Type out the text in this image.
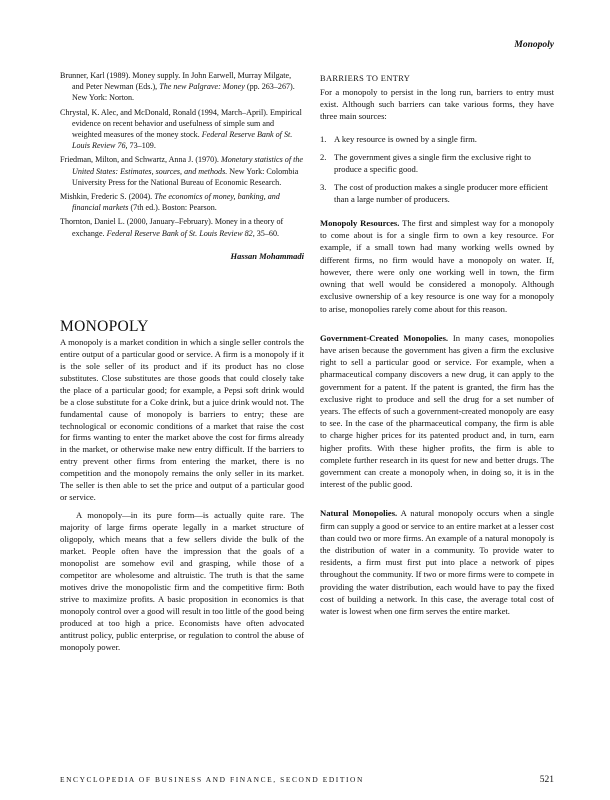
Monopoly
Brunner, Karl (1989). Money supply. In John Earwell, Murray Milgate, and Peter Newman (Eds.), The new Palgrave: Money (pp. 263–267). New York: Norton.
Chrystal, K. Alec, and McDonald, Ronald (1994, March–April). Empirical evidence on recent behavior and usefulness of simple sum and weighted measures of the money stock. Federal Reserve Bank of St. Louis Review 76, 73–109.
Friedman, Milton, and Schwartz, Anna J. (1970). Monetary statistics of the United States: Estimates, sources, and methods. New York: Colombia University Press for the National Bureau of Economic Research.
Mishkin, Frederic S. (2004). The economics of money, banking, and financial markets (7th ed.). Boston: Pearson.
Thornton, Daniel L. (2000, January–February). Money in a theory of exchange. Federal Reserve Bank of St. Louis Review 82, 35–60.
Hassan Mohammadi
MONOPOLY

A monopoly is a market condition in which a single seller controls the entire output of a particular good or service. A firm is a monopoly if it is the sole seller of its product and if its product has no close substitutes. Close substitutes are those goods that could closely take the place of a particular good; for example, a Pepsi soft drink would be a close substitute for a Coke drink, but a juice drink would not. The fundamental cause of monopoly is barriers to entry; these are technological or economic conditions of a market that raise the cost for firms wanting to enter the market above the cost for firms already in the market, or otherwise make new entry difficult. If the barriers to entry prevent other firms from entering the market, there is no competition and the monopoly remains the only seller in its market. The seller is then able to set the price and output of a particular good or service.

A monopoly—in its pure form—is actually quite rare. The majority of large firms operate legally in a market structure of oligopoly, which means that a few sellers divide the bulk of the market. People often have the impression that the goals of a monopolist are somehow evil and grasping, while those of a competitor are wholesome and altruistic. The truth is that the same motives drive the monopolistic firm and the competitive firm: Both strive to maximize profits. A basic proposition in economics is that monopoly control over a good will result in too little of the good being produced at too high a price. Economists have often advocated antitrust policy, public enterprise, or regulation to control the abuse of monopoly power.

BARRIERS TO ENTRY

For a monopoly to persist in the long run, barriers to entry must exist. Although such barriers can take various forms, they have three main sources:

1. A key resource is owned by a single firm.
2. The government gives a single firm the exclusive right to produce a specific good.
3. The cost of production makes a single producer more efficient than a large number of producers.

Monopoly Resources. The first and simplest way for a monopoly to come about is for a single firm to own a key resource. For example, if a small town had many working wells owned by different firms, no firm would have a monopoly on water. If, however, there were only one working well in town, the firm owning that well would be considered a monopoly. Although exclusive ownership of a key resource is one way for a monopoly to arise, monopolies rarely come about for this reason.

Government-Created Monopolies. In many cases, monopolies have arisen because the government has given a firm the exclusive right to sell a particular good or service. For example, when a pharmaceutical company discovers a new drug, it can apply to the government for a patent. If the patent is granted, the firm has the exclusive right to produce and sell the drug for a set number of years. The effects of such a government-created monopoly are easy to see. In the case of the pharmaceutical company, the firm is able to charge higher prices for its patented product and, in turn, earn higher profits. With these higher profits, the firm is able to complete further research in its quest for new and better drugs. The government can create a monopoly when, in doing so, it is in the interest of the public good.

Natural Monopolies. A natural monopoly occurs when a single firm can supply a good or service to an entire market at a lesser cost than could two or more firms. An example of a natural monopoly is the distribution of water in a community. To provide water to residents, a firm must first put into place a network of pipes throughout the community. If two or more firms were to compete in providing the water distribution, each would have to pay the fixed cost of building a network. In this case, the average total cost of water is lowest when one firm serves the entire market.

ENCYCLOPEDIA OF BUSINESS AND FINANCE, SECOND EDITION	521
